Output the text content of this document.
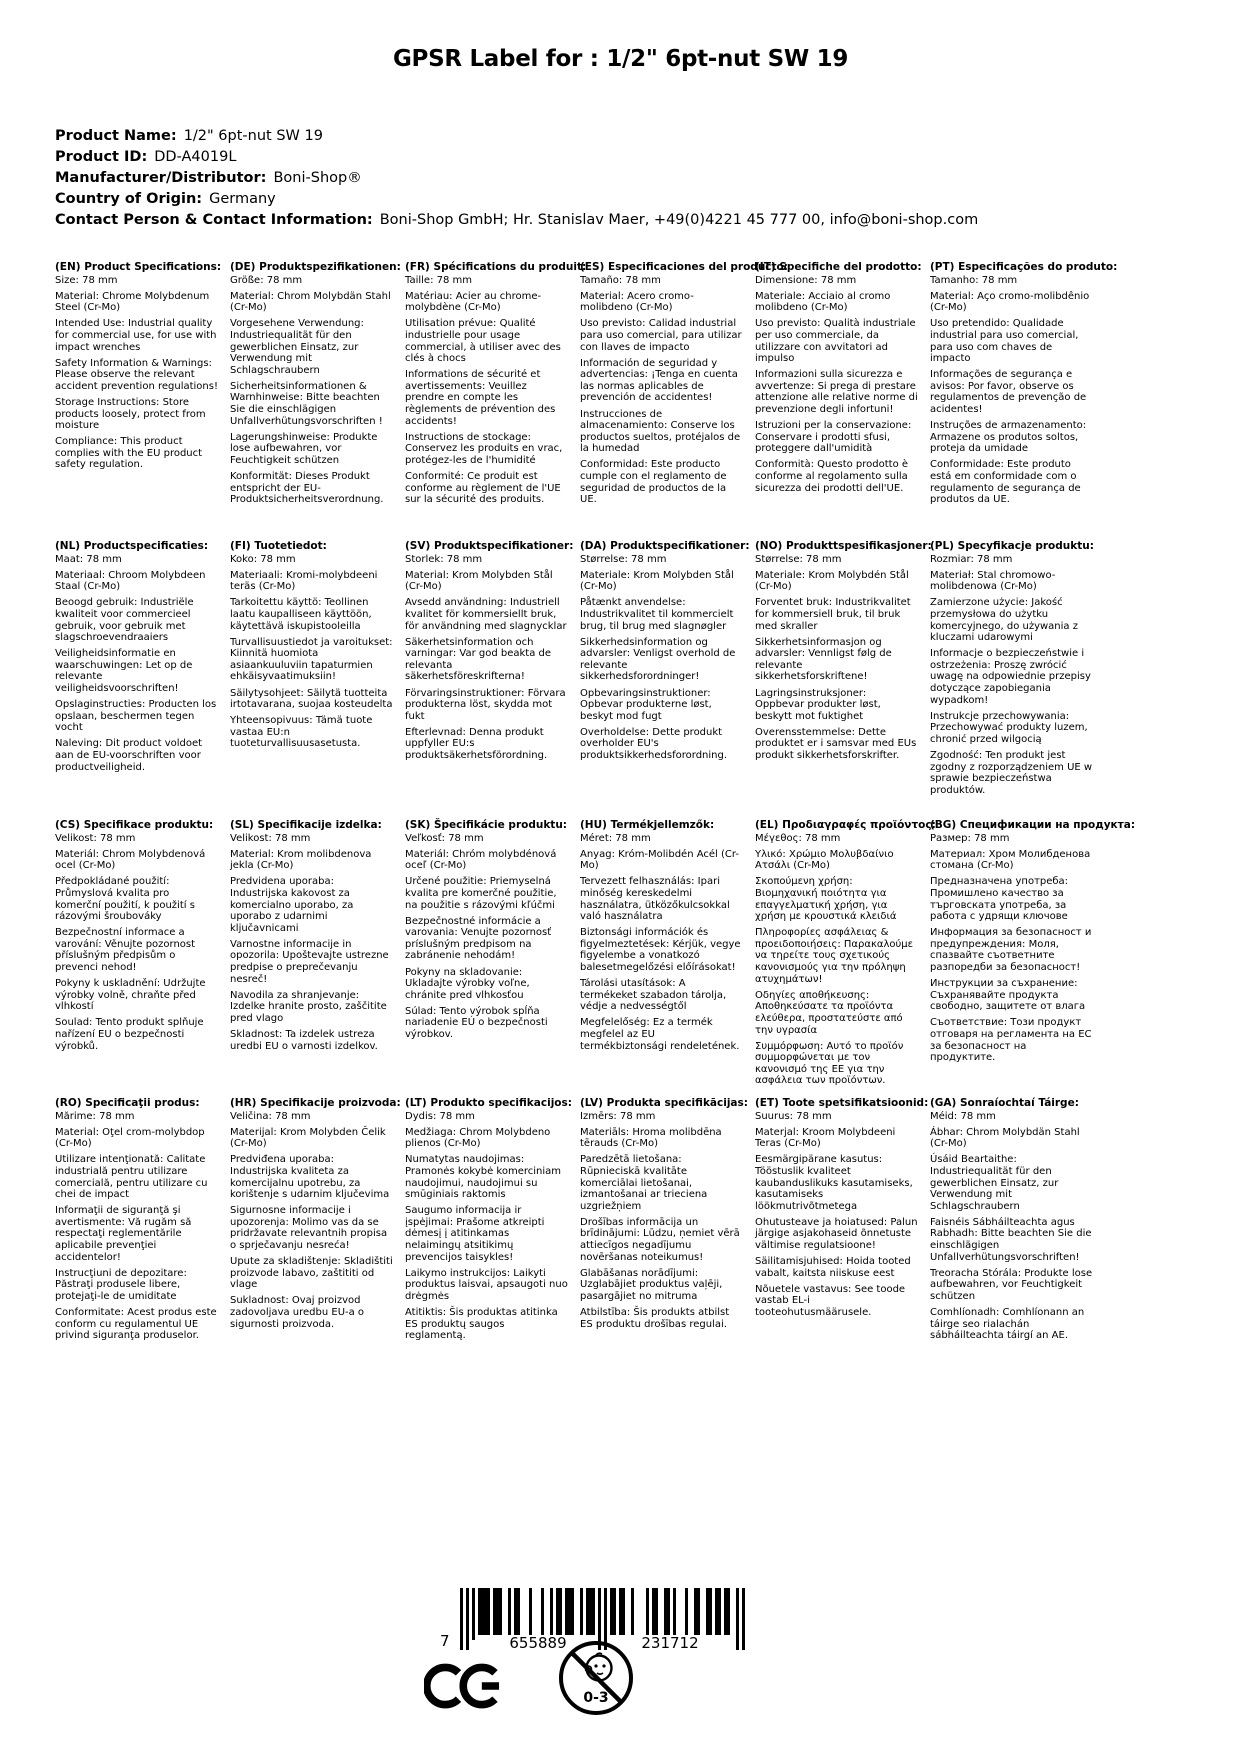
GPSR Label for : 1/2" 6pt-nut SW 19
Product Name: 1/2" 6pt-nut SW 19
Product ID: DD-A4019L
Manufacturer/Distributor: Boni-Shop®
Country of Origin: Germany
Contact Person & Contact Information: Boni-Shop GmbH; Hr. Stanislav Maer, +49(0)4221 45 777 00, info@boni-shop.com
(EN) Product Specifications:

Size: 78 mm

Material: Chrome Molybdenum Steel (Cr-Mo)

Intended Use: Industrial quality for commercial use, for use with impact wrenches

Safety Information & Warnings: Please observe the relevant accident prevention regulations!

Storage Instructions: Store products loosely, protect from moisture

Compliance: This product complies with the EU product safety regulation.

(DE) Produktspezifikationen:

Größe: 78 mm

Material: Chrom Molybdän Stahl (Cr-Mo)

Vorgesehene Verwendung: Industriequalität für den gewerblichen Einsatz, zur Verwendung mit Schlagschraubern

Sicherheitsinformationen & Warnhinweise: Bitte beachten Sie die einschlägigen Unfallverhütungsvorschriften !

Lagerungshinweise: Produkte lose aufbewahren, vor Feuchtigkeit schützen

Konformität: Dieses Produkt entspricht der EU-Produktsicherheitsverordnung.

(FR) Spécifications du produit:

Taille: 78 mm

Matériau: Acier au chrome-molybdène (Cr-Mo)

Utilisation prévue: Qualité industrielle pour usage commercial, à utiliser avec des clés à chocs

Informations de sécurité et avertissements: Veuillez prendre en compte les règlements de prévention des accidents!

Instructions de stockage: Conservez les produits en vrac, protégez-les de l'humidité

Conformité: Ce produit est conforme au règlement de l'UE sur la sécurité des produits.

(ES) Especificaciones del producto:

Tamaño: 78 mm

Material: Acero cromo-molibdeno (Cr-Mo)

Uso previsto: Calidad industrial para uso comercial, para utilizar con llaves de impacto

Información de seguridad y advertencias: ¡Tenga en cuenta las normas aplicables de prevención de accidentes!

Instrucciones de almacenamiento: Conserve los productos sueltos, protéjalos de la humedad

Conformidad: Este producto cumple con el reglamento de seguridad de productos de la UE.

(IT) Specifiche del prodotto:

Dimensione: 78 mm

Materiale: Acciaio al cromo molibdeno (Cr-Mo)

Uso previsto: Qualità industriale per uso commerciale, da utilizzare con avvitatori ad impulso

Informazioni sulla sicurezza e avvertenze: Si prega di prestare attenzione alle relative norme di prevenzione degli infortuni!

Istruzioni per la conservazione: Conservare i prodotti sfusi, proteggere dall'umidità

Conformità: Questo prodotto è conforme al regolamento sulla sicurezza dei prodotti dell'UE.

(PT) Especificações do produto:

Tamanho: 78 mm

Material: Aço cromo-molibdênio (Cr-Mo)

Uso pretendido: Qualidade industrial para uso comercial, para uso com chaves de impacto

Informações de segurança e avisos: Por favor, observe os regulamentos de prevenção de acidentes!

Instruções de armazenamento: Armazene os produtos soltos, proteja da umidade

Conformidade: Este produto está em conformidade com o regulamento de segurança de produtos da UE.

(NL) Productspecificaties:

Maat: 78 mm

Materiaal: Chroom Molybdeen Staal (Cr-Mo)

Beoogd gebruik: Industriële kwaliteit voor commercieel gebruik, voor gebruik met slagschroevendraaiers

Veiligheidsinformatie en waarschuwingen: Let op de relevante veiligheidsvoorschriften!

Opslaginstructies: Producten los opslaan, beschermen tegen vocht

Naleving: Dit product voldoet aan de EU-voorschriften voor productveiligheid.

(FI) Tuotetiedot:

Koko: 78 mm

Materiaali: Kromi-molybdeeni teräs (Cr-Mo)

Tarkoitettu käyttö: Teollinen laatu kaupalliseen käyttöön, käytettävä iskupistooleilla

Turvallisuustiedot ja varoitukset: Kiinnitä huomiota asiaankuuluviin tapaturmien ehkäisyvaatimuksiin!

Säilytysohjeet: Säilytä tuotteita irtotavarana, suojaa kosteudelta

Yhteensopivuus: Tämä tuote vastaa EU:n tuoteturvallisuusasetusta.

(SV) Produktspecifikationer:

Storlek: 78 mm

Material: Krom Molybden Stål (Cr-Mo)

Avsedd användning: Industriell kvalitet för kommersiellt bruk, för användning med slagnycklar

Säkerhetsinformation och varningar: Var god beakta de relevanta säkerhetsföreskrifterna!

Förvaringsinstruktioner: Förvara produkterna löst, skydda mot fukt

Efterlevnad: Denna produkt uppfyller EU:s produktsäkerhetsförordning.

(DA) Produktspecifikationer:

Størrelse: 78 mm

Materiale: Krom Molybden Stål (Cr-Mo)

Påtænkt anvendelse: Industrikvalitet til kommercielt brug, til brug med slagnøgler

Sikkerhedsinformation og advarsler: Venligst overhold de relevante sikkerhedsforordninger!

Opbevaringsinstruktioner: Opbevar produkterne løst, beskyt mod fugt

Overholdelse: Dette produkt overholder EU's produktsikkerhedsforordning.

(NO) Produkttspesifikasjoner:

Størrelse: 78 mm

Materiale: Krom Molybdén Stål (Cr-Mo)

Forventet bruk: Industrikvalitet for kommersiell bruk, til bruk med skraller

Sikkerhetsinformasjon og advarsler: Vennligst følg de relevante sikkerhetsforskriftene!

Lagringsinstruksjoner: Oppbevar produkter løst, beskytt mot fuktighet

Overensstemmelse: Dette produktet er i samsvar med EUs produkt sikkerhetsforskrifter.

(PL) Specyfikacje produktu:

Rozmiar: 78 mm

Materiał: Stal chromowo-molibdenowa (Cr-Mo)

Zamierzone użycie: Jakość przemysłowa do użytku komercyjnego, do używania z kluczami udarowymi

Informacje o bezpieczeństwie i ostrzeżenia: Proszę zwrócić uwagę na odpowiednie przepisy dotyczące zapobiegania wypadkom!

Instrukcje przechowywania: Przechowywać produkty luzem, chronić przed wilgocią

Zgodność: Ten produkt jest zgodny z rozporządzeniem UE w sprawie bezpieczeństwa produktów.

(CS) Specifikace produktu:

Velikost: 78 mm

Materiál: Chrom Molybdenová ocel (Cr-Mo)

Předpokládané použití: Průmyslová kvalita pro komerční použití, k použití s rázovými šroubováky

Bezpečnostní informace a varování: Věnujte pozornost příslušným předpisům o prevenci nehod!

Pokyny k uskladnění: Udržujte výrobky volně, chraňte před vlhkostí

Soulad: Tento produkt splňuje nařízení EU o bezpečnosti výrobků.

(SL) Specifikacije izdelka:

Velikost: 78 mm

Material: Krom molibdenova jekla (Cr-Mo)

Predvidena uporaba: Industrijska kakovost za komercialno uporabo, za uporabo z udarnimi ključavnicami

Varnostne informacije in opozorila: Upoštevajte ustrezne predpise o preprečevanju nesreč!

Navodila za shranjevanje: Izdelke hranite prosto, zaščitite pred vlago

Skladnost: Ta izdelek ustreza uredbi EU o varnosti izdelkov.

(SK) Špecifikácie produktu:

Veľkosť: 78 mm

Materiál: Chróm molybdénová oceľ (Cr-Mo)

Určené použitie: Priemyselná kvalita pre komerčné použitie, na použitie s rázovými kľúčmi

Bezpečnostné informácie a varovania: Venujte pozornosť príslušným predpisom na zabránenie nehodám!

Pokyny na skladovanie: Ukladajte výrobky voľne, chránite pred vlhkosťou

Súlad: Tento výrobok spĺňa nariadenie EÚ o bezpečnosti výrobkov.

(HU) Termékjellemzők:

Méret: 78 mm

Anyag: Króm-Molibdén Acél (Cr-Mo)

Tervezett felhasználás: Ipari minőség kereskedelmi használatra, ütközőkulcsokkal való használatra

Biztonsági információk és figyelmeztetések: Kérjük, vegye figyelembe a vonatkozó balesetmegelőzési előírásokat!

Tárolási utasítások: A termékeket szabadon tárolja, védje a nedvességtől

Megfelelőség: Ez a termék megfelel az EU termékbiztonsági rendeletének.

(EL) Προδιαγραφές προϊόντος:

Μέγεθος: 78 mm

Υλικό: Χρώμιο Μολυβδαίνιο Ατσάλι (Cr-Mo)

Σκοπούμενη χρήση: Βιομηχανική ποιότητα για επαγγελματική χρήση, για χρήση με κρουστικά κλειδιά

Πληροφορίες ασφάλειας & προειδοποιήσεις: Παρακαλούμε να τηρείτε τους σχετικούς κανονισμούς για την πρόληψη ατυχημάτων!

Οδηγίες αποθήκευσης: Αποθηκεύσατε τα προϊόντα ελεύθερα, προστατεύστε από την υγρασία

Συμμόρφωση: Αυτό το προϊόν συμμορφώνεται με τον κανονισμό της ΕΕ για την ασφάλεια των προϊόντων.

(BG) Спецификации на продукта:

Размер: 78 mm

Материал: Хром Молибденова стомана (Cr-Mo)

Предназначена употреба: Промишлено качество за търговската употреба, за работа с удрящи ключове

Информация за безопасност и предупреждения: Моля, спазвайте съответните разпоредби за безопасност!

Инструкции за съхранение: Съхранявайте продукта свободно, защитете от влага

Съответствие: Този продукт отговаря на регламента на ЕС за безопасност на продуктите.

(RO) Specificaţii produs:

Mărime: 78 mm

Material: Oţel crom-molybdop (Cr-Mo)

Utilizare intenţionată: Calitate industrială pentru utilizare comercială, pentru utilizare cu chei de impact

Informaţii de siguranţă şi avertismente: Vă rugăm să respectaţi reglementările aplicabile prevenţiei accidentelor!

Instrucţiuni de depozitare: Păstraţi produsele libere, protejaţi-le de umiditate

Conformitate: Acest produs este conform cu regulamentul UE privind siguranţa produselor.

(HR) Specifikacije proizvoda:

Veličina: 78 mm

Materijal: Krom Molybden Čelik (Cr-Mo)

Predviđena uporaba: Industrijska kvaliteta za komercijalnu upotrebu, za korištenje s udarnim ključevima

Sigurnosne informacije i upozorenja: Molimo vas da se pridržavate relevantnih propisa o sprječavanju nesreća!

Upute za skladištenje: Skladištiti proizvode labavo, zaštititi od vlage

Sukladnost: Ovaj proizvod zadovoljava uredbu EU-a o sigurnosti proizvoda.

(LT) Produkto specifikacijos:

Dydis: 78 mm

Medžiaga: Chrom Molybdeno plienos (Cr-Mo)

Numatytas naudojimas: Pramonės kokybė komerciniam naudojimui, naudojimui su smūginiais raktomis

Saugumo informacija ir įspėjimai: Prašome atkreipti dėmesį į atitinkamas nelaimingų atsitikimų prevencijos taisykles!

Laikymo instrukcijos: Laikyti produktus laisvai, apsaugoti nuo drėgmės

Atitiktis: Šis produktas atitinka ES produktų saugos reglamentą.

(LV) Produkta specifikācijas:

Izmērs: 78 mm

Materiāls: Hroma molibdēna tērauds (Cr-Mo)

Paredzētā lietošana: Rūpnieciskā kvalitāte komerciālai lietošanai, izmantošanai ar trieciena uzgriežņiem

Drošības informācija un brīdinājumi: Lūdzu, ņemiet vērā attiecīgos negadījumu novēršanas noteikumus!

Glabāšanas norādījumi: Uzglabājiet produktus vaļēji, pasargājiet no mitruma

Atbilstība: Šis produkts atbilst ES produktu drošības regulai.

(ET) Toote spetsifikatsioonid:

Suurus: 78 mm

Materjal: Kroom Molybdeeni Teras (Cr-Mo)

Eesmärgipärane kasutus: Tööstuslik kvaliteet kaubanduslikuks kasutamiseks, kasutamiseks löökmutrivõtmetega

Ohutusteave ja hoiatused: Palun järgige asjakohaseid õnnetuste vältimise regulatsioone!

Säilitamisjuhised: Hoida tooted vabalt, kaitsta niiskuse eest

Nõuetele vastavus: See toode vastab EL-i tooteohutusmäärusele.

(GA) Sonraíochtaí Táirge:

Méid: 78 mm

Ábhar: Chrom Molybdän Stahl (Cr-Mo)

Úsáid Beartaithe: Industriequalität für den gewerblichen Einsatz, zur Verwendung mit Schlagschraubern

Faisnéis Sábháilteachta agus Rabhadh: Bitte beachten Sie die einschlägigen Unfallverhütungsvorschriften!

Treoracha Stórála: Produkte lose aufbewahren, vor Feuchtigkeit schützen

Comhlíonadh: Comhlíonann an táirge seo rialachán sábháilteachta táirgí an AE.

7	655889	231712
0-3
